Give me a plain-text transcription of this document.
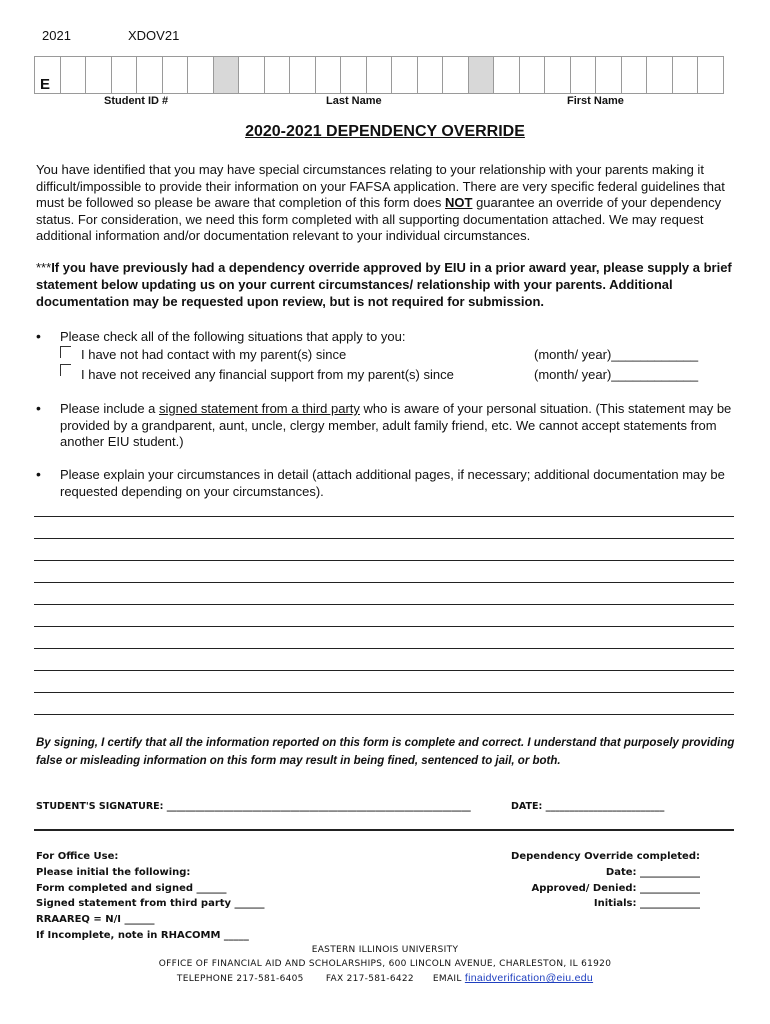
2021	XDOV21
E
Student ID #	Last Name	First Name
2020-2021 DEPENDENCY OVERRIDE
You have identified that you may have special circumstances relating to your relationship with your parents making it difficult/impossible to provide their information on your FAFSA application. There are very specific federal guidelines that must be followed so please be aware that completion of this form does NOT guarantee an override of your dependency status. For consideration, we need this form completed with all supporting documentation attached. We may request additional information and/or documentation relevant to your individual circumstances.
***If you have previously had a dependency override approved by EIU in a prior award year, please supply a brief statement below updating us on your current circumstances/ relationship with your parents. Additional documentation may be requested upon review, but is not required for submission.
• Please check all of the following situations that apply to you:
I have not had contact with my parent(s) since	(month/ year)____________
I have not received any financial support from my parent(s) since	(month/ year)____________
• Please include a signed statement from a third party who is aware of your personal situation. (This statement may be provided by a grandparent, aunt, uncle, clergy member, adult family friend, etc. We cannot accept statements from another EIU student.)
• Please explain your circumstances in detail (attach additional pages, if necessary; additional documentation may be requested depending on your circumstances).
By signing, I certify that all the information reported on this form is complete and correct. I understand that purposely providing false or misleading information on this form may result in being fined, sentenced to jail, or both.
STUDENT'S SIGNATURE: ________________________________________________________________	DATE: _________________________
For Office Use:
Please initial the following:
Form completed and signed ______
Signed statement from third party ______
RRAAREQ = N/I ______
If Incomplete, note in RHACOMM _____
Dependency Override completed:
Date: ____________
Approved/ Denied: ____________
Initials: ____________
EASTERN ILLINOIS UNIVERSITY
OFFICE OF FINANCIAL AID AND SCHOLARSHIPS, 600 LINCOLN AVENUE, CHARLESTON, IL 61920
TELEPHONE 217-581-6405 FAX 217-581-6422 EMAIL finaidverification@eiu.edu
